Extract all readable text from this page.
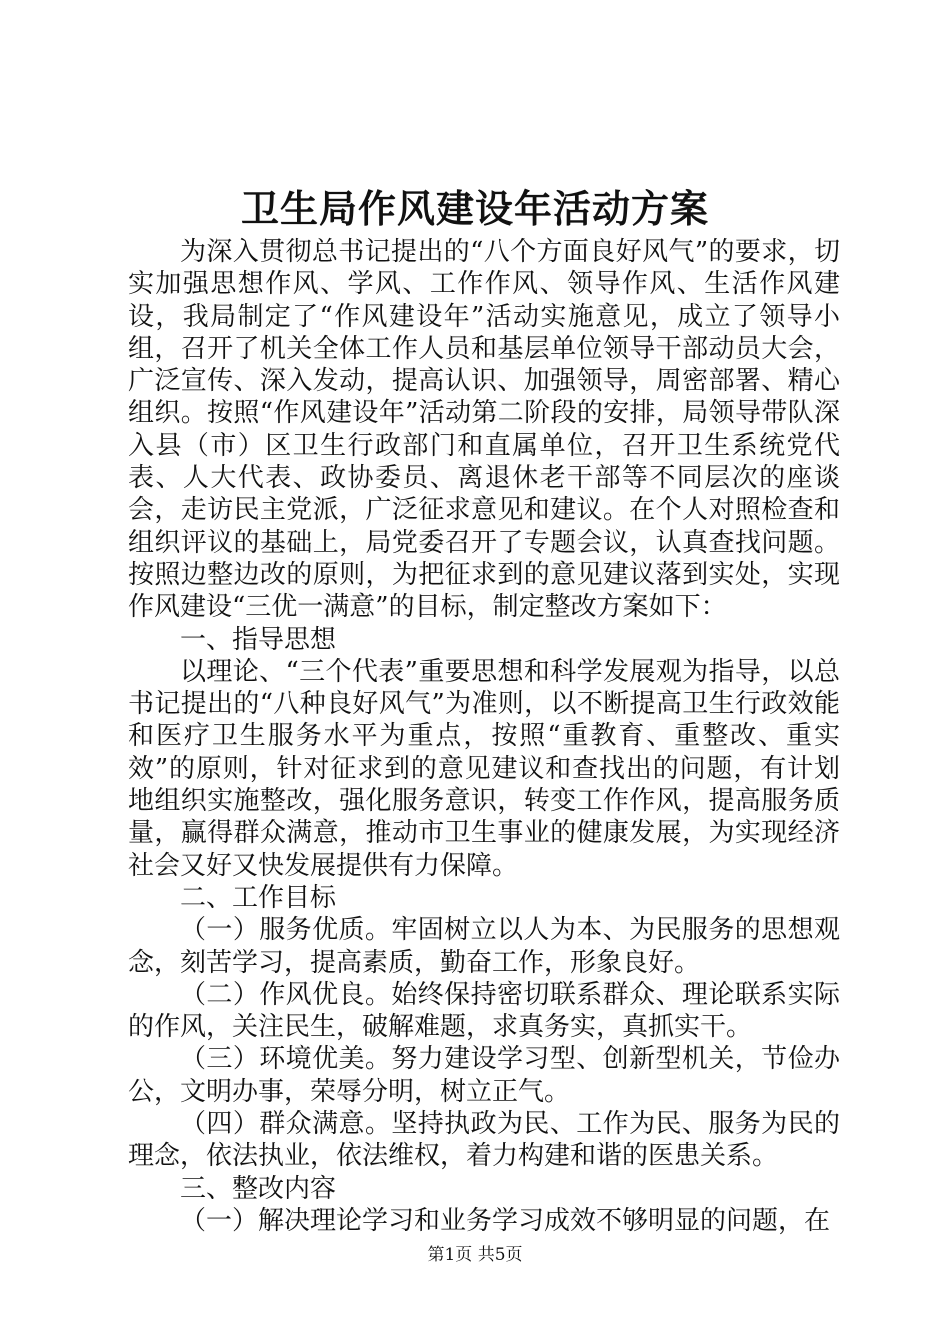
卫生局作风建设年活动方案

为深入贯彻总书记提出的“八个方面良好风气”的要求，切实加强思想作风、学风、工作作风、领导作风、生活作风建设，我局制定了“作风建设年”活动实施意见，成立了领导小组，召开了机关全体工作人员和基层单位领导干部动员大会，广泛宣传、深入发动，提高认识、加强领导，周密部署、精心组织。按照“作风建设年”活动第二阶段的安排，局领导带队深入县（市）区卫生行政部门和直属单位，召开卫生系统党代表、人大代表、政协委员、离退休老干部等不同层次的座谈会，走访民主党派，广泛征求意见和建议。在个人对照检查和组织评议的基础上，局党委召开了专题会议，认真查找问题。按照边整边改的原则，为把征求到的意见建议落到实处，实现作风建设“三优一满意”的目标，制定整改方案如下：

一、指导思想

以理论、“三个代表”重要思想和科学发展观为指导，以总书记提出的“八种良好风气”为准则，以不断提高卫生行政效能和医疗卫生服务水平为重点，按照“重教育、重整改、重实效”的原则，针对征求到的意见建议和查找出的问题，有计划地组织实施整改，强化服务意识，转变工作作风，提高服务质量，赢得群众满意，推动市卫生事业的健康发展，为实现经济社会又好又快发展提供有力保障。

二、工作目标

（一）服务优质。牢固树立以人为本、为民服务的思想观念，刻苦学习，提高素质，勤奋工作，形象良好。

（二）作风优良。始终保持密切联系群众、理论联系实际的作风，关注民生，破解难题，求真务实，真抓实干。

（三）环境优美。努力建设学习型、创新型机关，节俭办公，文明办事，荣辱分明，树立正气。

（四）群众满意。坚持执政为民、工作为民、服务为民的理念，依法执业，依法维权，着力构建和谐的医患关系。

三、整改内容

（一）解决理论学习和业务学习成效不够明显的问题，在

第1页 共5页
